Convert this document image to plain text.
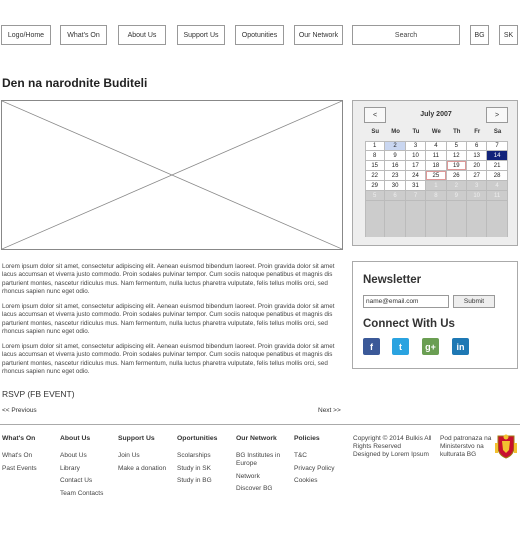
Logo/Home	What's On	About Us	Support Us	Opotunities	Our Network	Search	BG	SK
Den na narodnite Buditeli
<	July 2007	>
Su	Mo	Tu	We	Th	Fr	Sa
1	2	3	4	5	6	7
8	9	10	11	12	13	14
15	16	17	18	19	20	21
22	23	24	25	26	27	28
29	30	31	1	2	3	4
5	6	7	8	9	10	11
Lorem ipsum dolor sit amet, consectetur adipiscing elit. Aenean euismod bibendum laoreet. Proin gravida dolor sit amet lacus accumsan et viverra justo commodo. Proin sodales pulvinar tempor. Cum sociis natoque penatibus et magnis dis parturient montes, nascetur ridiculus mus. Nam fermentum, nulla luctus pharetra vulputate, felis tellus mollis orci, sed rhoncus sapien nunc eget odio.
Lorem ipsum dolor sit amet, consectetur adipiscing elit. Aenean euismod bibendum laoreet. Proin gravida dolor sit amet lacus accumsan et viverra justo commodo. Proin sodales pulvinar tempor. Cum sociis natoque penatibus et magnis dis parturient montes, nascetur ridiculus mus. Nam fermentum, nulla luctus pharetra vulputate, felis tellus mollis orci, sed rhoncus sapien nunc eget odio.
Lorem ipsum dolor sit amet, consectetur adipiscing elit. Aenean euismod bibendum laoreet. Proin gravida dolor sit amet lacus accumsan et viverra justo commodo. Proin sodales pulvinar tempor. Cum sociis natoque penatibus et magnis dis parturient montes, nascetur ridiculus mus. Nam fermentum, nulla luctus pharetra vulputate, felis tellus mollis orci, sed rhoncus sapien nunc eget odio.
Newsletter
name@email.com	Submit
Connect With Us
f	t	g+	in
RSVP (FB EVENT)
<< Previous	Next >>
What's On
What's On
Past Events
About Us
About Us
Library
Contact Us
Team Contacts
Support Us
Join Us
Make a donation
Oportunities
Scolarships
Study in SK
Study in BG
Our Network
BG Institutes in Europe
Network
Discover BG
Policies
T&C
Privacy Policy
Cookies
Copyright © 2014 Bulkis All Rights Reserved
Designed by Lorem Ipsum
Pod patronaza na Ministerstvo na kulturata BG
